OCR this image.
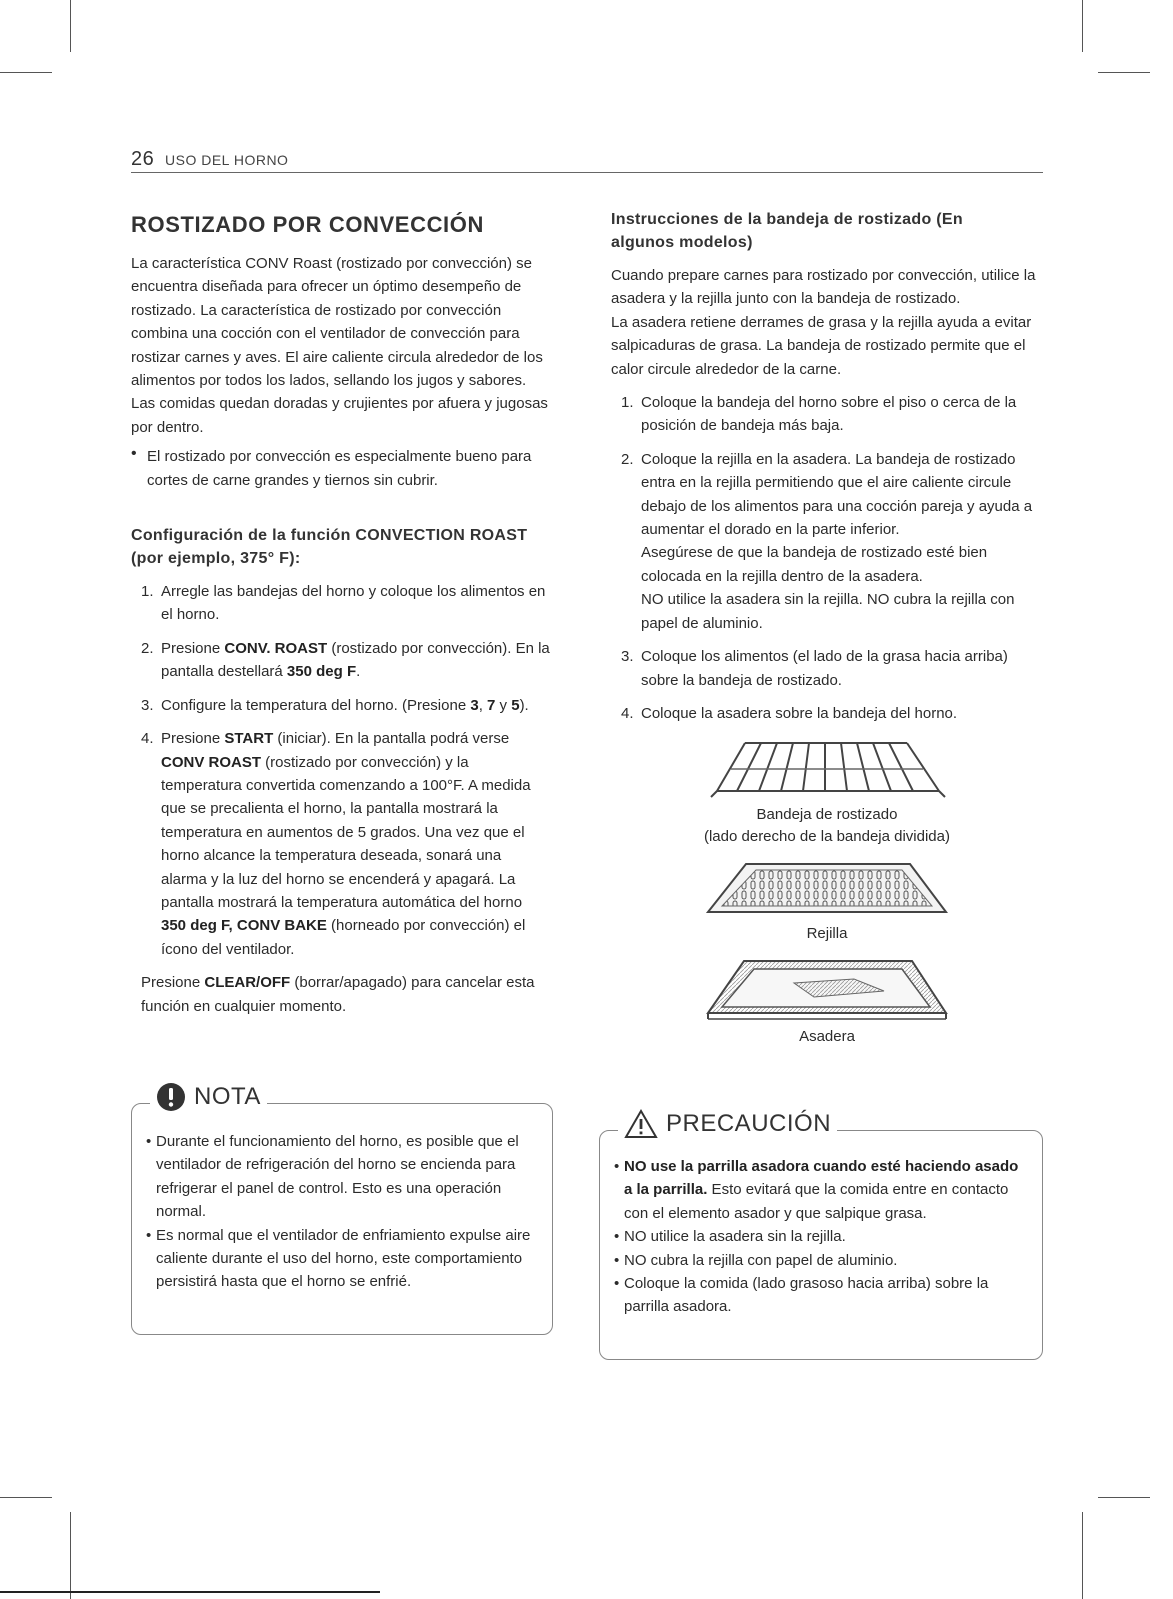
26 USO DEL HORNO
ROSTIZADO POR CONVECCIÓN

La característica CONV Roast (rostizado por convección) se encuentra diseñada para ofrecer un óptimo desempeño de rostizado. La característica de rostizado por convección combina una cocción con el ventilador de convección para rostizar carnes y aves. El aire caliente circula alrededor de los alimentos por todos los lados, sellando los jugos y sabores. Las comidas quedan doradas y crujientes por afuera y jugosas por dentro.

• El rostizado por convección es especialmente bueno para cortes de carne grandes y tiernos sin cubrir.
Configuración de la función CONVECTION ROAST (por ejemplo, 375° F):
1. Arregle las bandejas del horno y coloque los alimentos en el horno.
2. Presione CONV. ROAST (rostizado por convección). En la pantalla destellará 350 deg F.
3. Configure la temperatura del horno. (Presione 3, 7 y 5).
4. Presione START (iniciar). En la pantalla podrá verse CONV ROAST (rostizado por convección) y la temperatura convertida comenzando a 100°F. A medida que se precalienta el horno, la pantalla mostrará la temperatura en aumentos de 5 grados. Una vez que el horno alcance la temperatura deseada, sonará una alarma y la luz del horno se encenderá y apagará. La pantalla mostrará la temperatura automática del horno 350 deg F, CONV BAKE (horneado por convección) el ícono del ventilador.

Presione CLEAR/OFF (borrar/apagado) para cancelar esta función en cualquier momento.

NOTA
• Durante el funcionamiento del horno, es posible que el ventilador de refrigeración del horno se encienda para refrigerar el panel de control. Esto es una operación normal.
• Es normal que el ventilador de enfriamiento expulse aire caliente durante el uso del horno, este comportamiento persistirá hasta que el horno se enfrié.
Instrucciones de la bandeja de rostizado (En algunos modelos)

Cuando prepare carnes para rostizado por convección, utilice la asadera y la rejilla junto con la bandeja de rostizado.

La asadera retiene derrames de grasa y la rejilla ayuda a evitar salpicaduras de grasa. La bandeja de rostizado permite que el calor circule alrededor de la carne.

1. Coloque la bandeja del horno sobre el piso o cerca de la posición de bandeja más baja.
2. Coloque la rejilla en la asadera. La bandeja de rostizado entra en la rejilla permitiendo que el aire caliente circule debajo de los alimentos para una cocción pareja y ayuda a aumentar el dorado en la parte inferior.
Asegúrese de que la bandeja de rostizado esté bien colocada en la rejilla dentro de la asadera.
NO utilice la asadera sin la rejilla. NO cubra la rejilla con papel de aluminio.
3. Coloque los alimentos (el lado de la grasa hacia arriba) sobre la bandeja de rostizado.
4. Coloque la asadera sobre la bandeja del horno.
Bandeja de rostizado
(lado derecho de la bandeja dividida)
Rejilla
Asadera
PRECAUCIÓN
• NO use la parrilla asadora cuando esté haciendo asado a la parrilla. Esto evitará que la comida entre en contacto con el elemento asador y que salpique grasa.
• NO utilice la asadera sin la rejilla.
• NO cubra la rejilla con papel de aluminio.
• Coloque la comida (lado grasoso hacia arriba) sobre la parrilla asadora.
